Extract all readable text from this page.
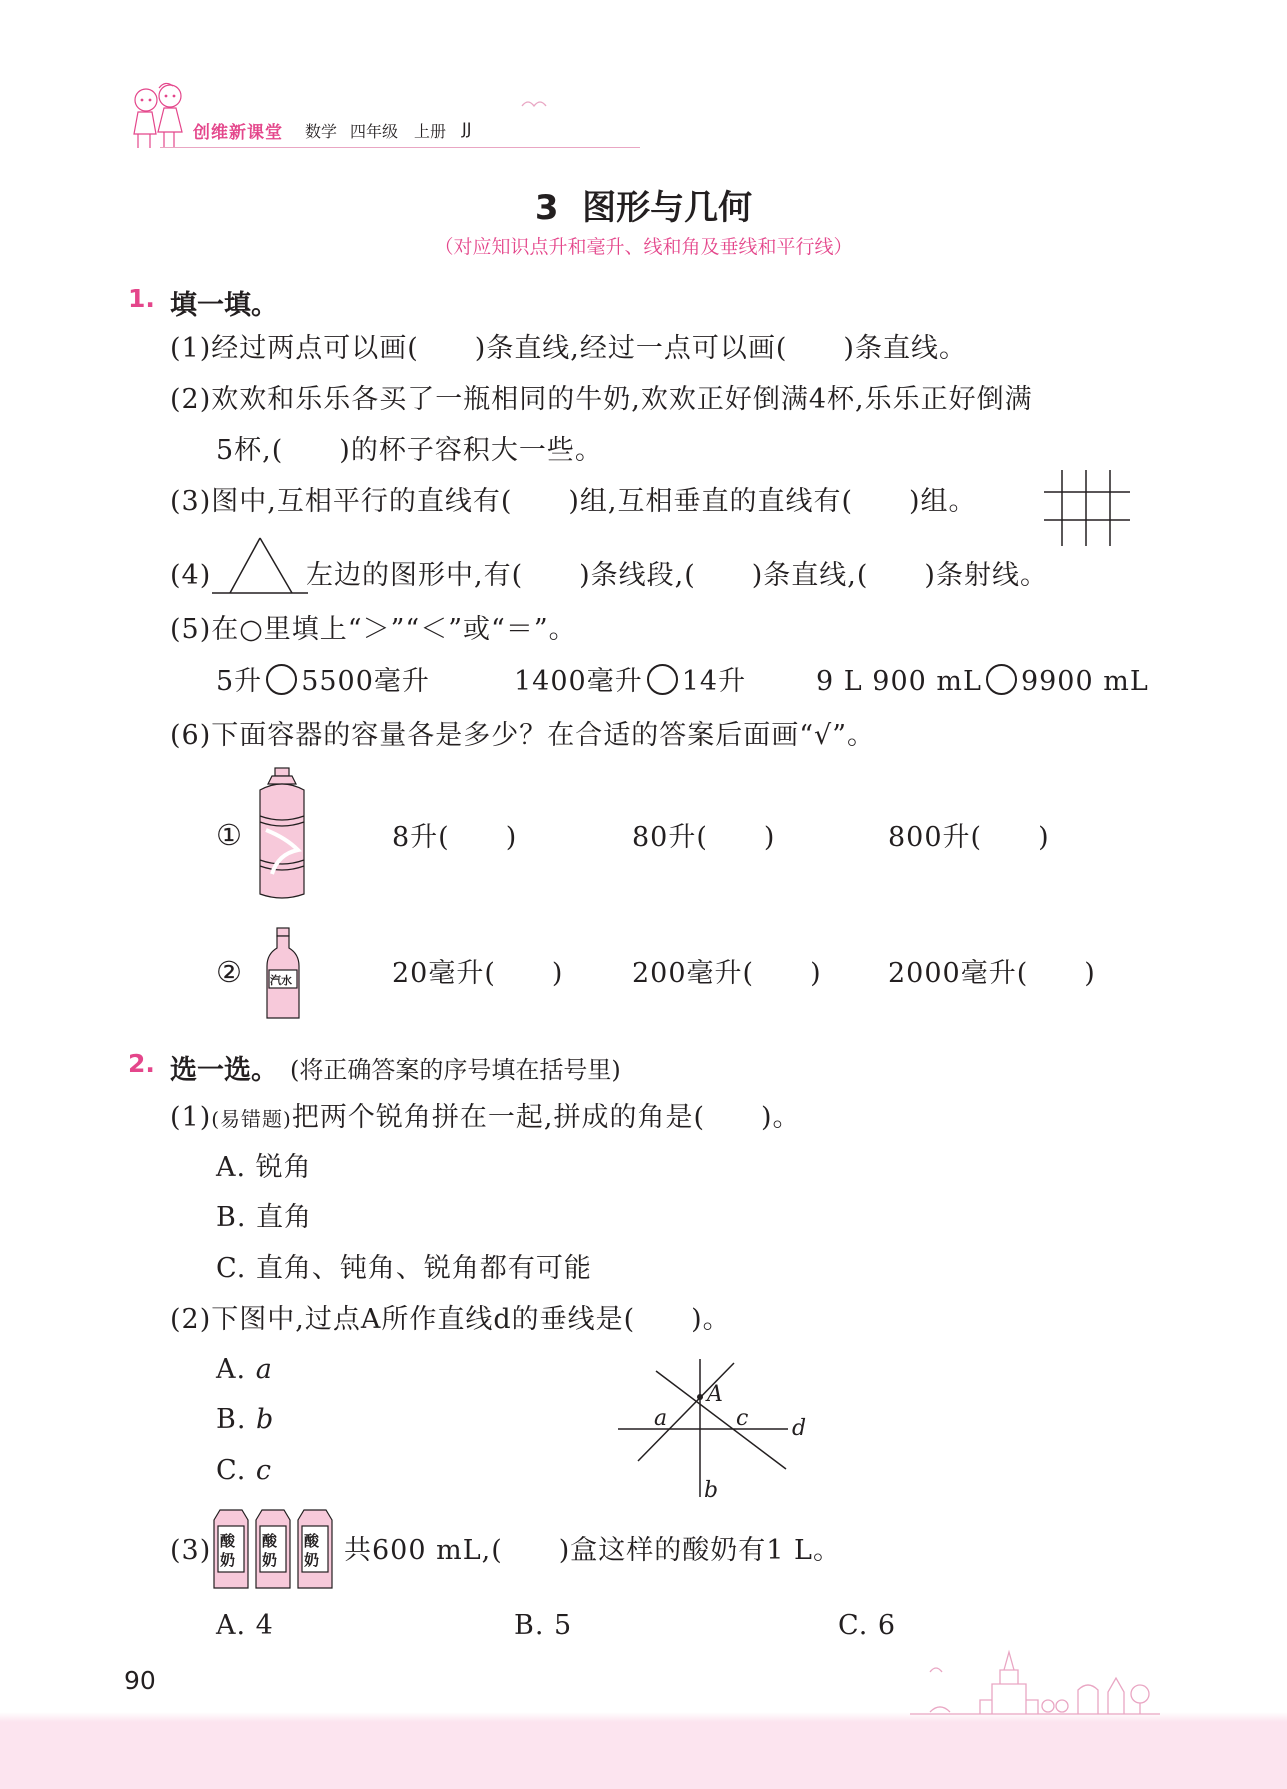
创维新课堂 数学 四年级 上册 JJ
3  图形与几何
（对应知识点升和毫升、线和角及垂线和平行线）
1. 填一填。
(1)经过两点可以画(　　)条直线,经过一点可以画(　　)条直线。
(2)欢欢和乐乐各买了一瓶相同的牛奶,欢欢正好倒满4杯,乐乐正好倒满
5杯,(　　)的杯子容积大一些。
(3)图中,互相平行的直线有(　　)组,互相垂直的直线有(　　)组。
(4)	左边的图形中,有(　　)条线段,(　　)条直线,(　　)条射线。
(5)在○里填上“＞”“＜”或“＝”。
5升 5500毫升	1400毫升 14升	9 L 900 mL 9900 mL
(6)下面容器的容量各是多少？在合适的答案后面画“√”。
①	8升(　　)	80升(　　)	800升(　　)
②	汽水	20毫升(　　)	200毫升(　　) 2000毫升(　　)
2. 选一选。 (将正确答案的序号填在括号里)
(1)(易错题)把两个锐角拼在一起,拼成的角是(　　)。
A. 锐角
B. 直角
C. 直角、钝角、锐角都有可能
(2)下图中,过点A所作直线d的垂线是(　　)。
A. a
B. b
C. c
A
a	c d
b
(3) 酸奶
酸奶
酸奶 共600 mL,(　　)盒这样的酸奶有1 L。
A. 4	B. 5	C. 6
90
